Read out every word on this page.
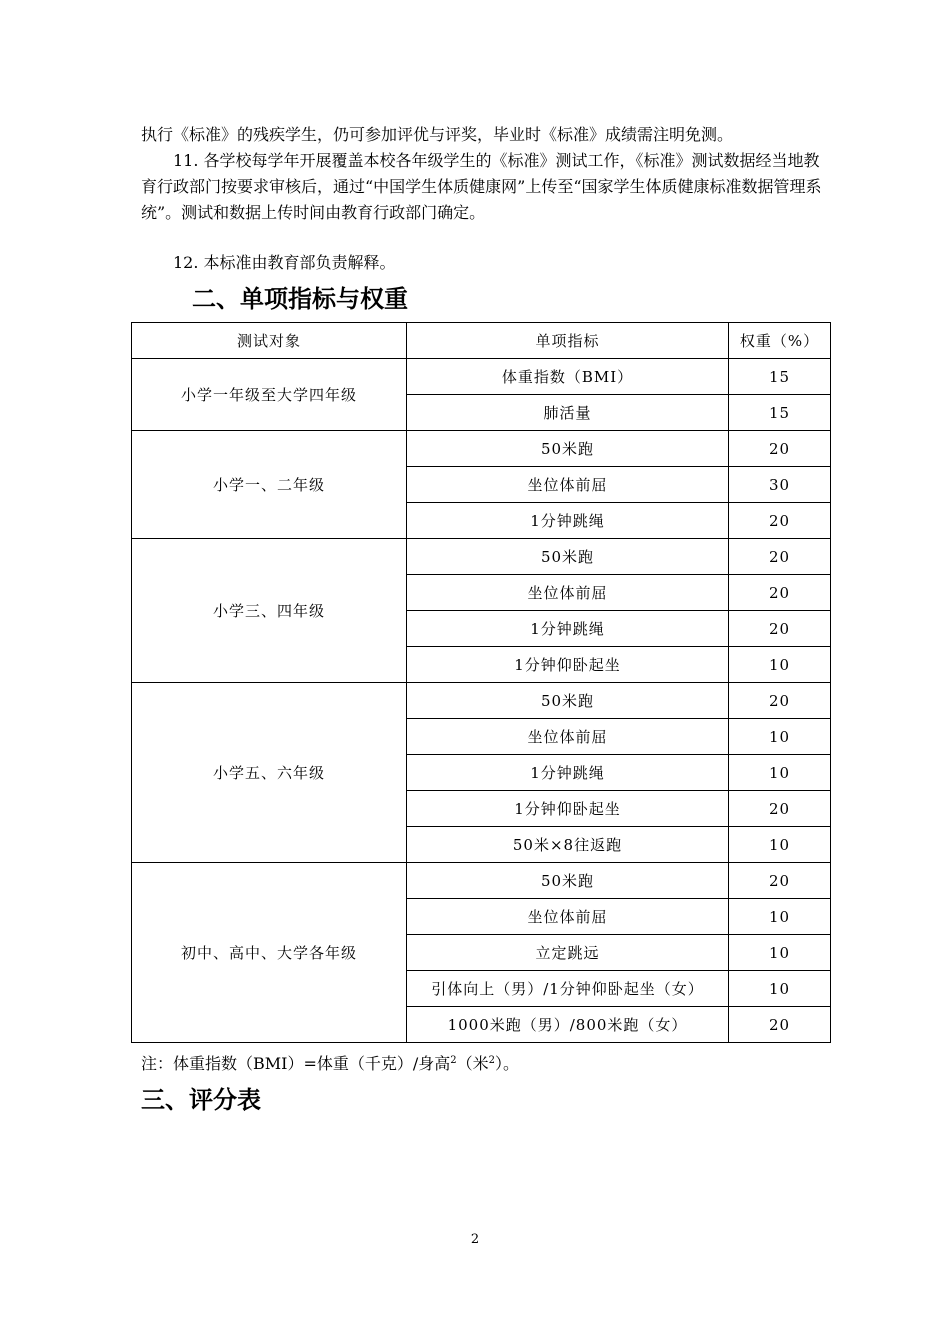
执行《标准》的残疾学生，仍可参加评优与评奖，毕业时《标准》成绩需注明免测。

11. 各学校每学年开展覆盖本校各年级学生的《标准》测试工作，《标准》测试数据经当地教育行政部门按要求审核后，通过“中国学生体质健康网”上传至“国家学生体质健康标准数据管理系统”。测试和数据上传时间由教育行政部门确定。

12. 本标准由教育部负责解释。

二、单项指标与权重
测试对象	单项指标	权重（%）
小学一年级至大学四年级	体重指数（BMI）	15
	肺活量	15
小学一、二年级	50米跑	20
	坐位体前屈	30
	1分钟跳绳	20
小学三、四年级	50米跑	20
	坐位体前屈	20
	1分钟跳绳	20
	1分钟仰卧起坐	10
小学五、六年级	50米跑	20
	坐位体前屈	10
	1分钟跳绳	10
	1分钟仰卧起坐	20
	50米×8往返跑	10
初中、高中、大学各年级	50米跑	20
	坐位体前屈	10
	立定跳远	10
	引体向上（男）/1分钟仰卧起坐（女）	10
	1000米跑（男）/800米跑（女）	20

注：体重指数（BMI）=体重（千克）/身高$^2$（米$^2$）。

三、评分表
2
